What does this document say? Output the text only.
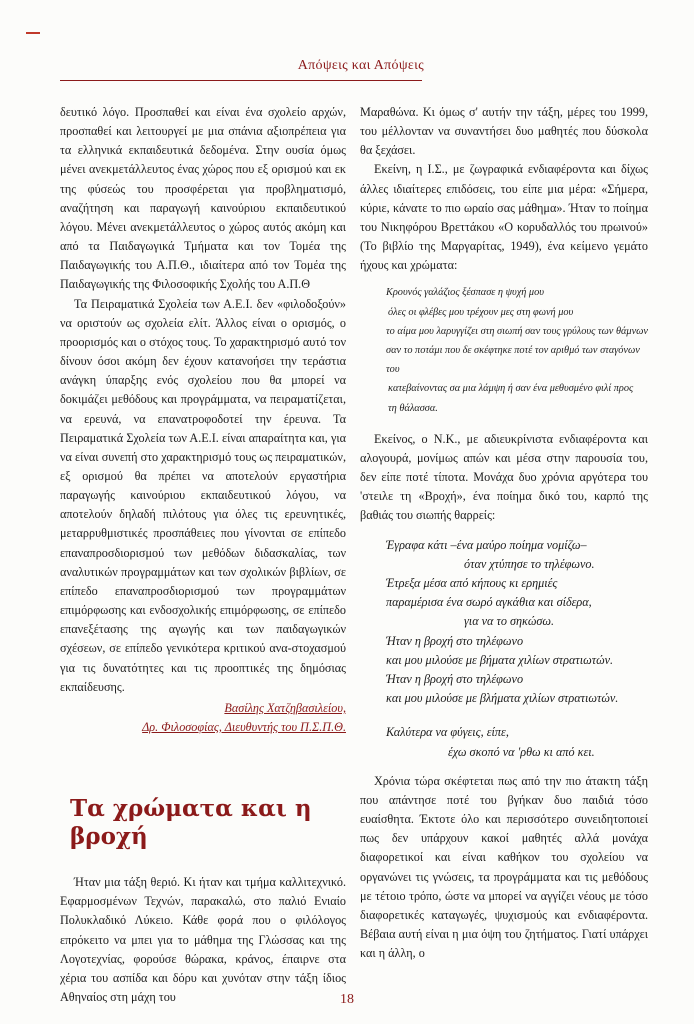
Απόψεις και Απόψεις

δευτικό λόγο. Προσπαθεί και είναι ένα σχολείο αρχών, προσπαθεί και λειτουργεί με μια σπάνια αξιοπρέπεια για τα ελληνικά εκπαιδευτικά δεδομένα. Στην ουσία όμως μένει ανεκμετάλλευτος ένας χώρος που εξ ορισμού και εκ της φύσεώς του προσφέρεται για προβληματισμό, αναζήτηση και παραγωγή καινούριου εκπαιδευτικού λόγου. Μένει ανεκμετάλλευτος ο χώρος αυτός ακόμη και από τα Παιδαγωγικά Τμήματα και τον Τομέα της Παιδαγωγικής του Α.Π.Θ., ιδιαίτερα από τον Τομέα της Παιδαγωγικής της Φιλοσοφικής Σχολής του Α.Π.Θ

Τα Πειραματικά Σχολεία των Α.Ε.Ι. δεν «φιλοδοξούν» να οριστούν ως σχολεία ελίτ. Άλλος είναι ο ορισμός, ο προορισμός και ο στόχος τους. Το χαρακτηρισμό αυτό τον δίνουν όσοι ακόμη δεν έχουν κατανοήσει την τεράστια ανάγκη ύπαρξης ενός σχολείου που θα μπορεί να δοκιμάζει μεθόδους και προγράμματα, να πειραματίζεται, να ερευνά, να επανατροφοδοτεί την έρευνα. Τα Πειραματικά Σχολεία των Α.Ε.Ι. είναι απαραίτητα και, για να είναι συνεπή στο χαρακτηρισμό τους ως πειραματικών, εξ ορισμού θα πρέπει να αποτελούν εργαστήρια παραγωγής καινούριου εκπαιδευτικού λόγου, να αποτελούν δηλαδή πιλότους για όλες τις ερευνητικές, μεταρρυθμιστικές προσπάθειες που γίνονται σε επίπεδο επαναπροσδιορισμού των μεθόδων διδασκαλίας, των αναλυτικών προγραμμάτων και των σχολικών βιβλίων, σε επίπεδο επαναπροσδιορισμού των προγραμμάτων επιμόρφωσης και ενδοσχολικής επιμόρφωσης, σε επίπεδο επανεξέτασης της αγωγής και των παιδαγωγικών σχέσεων, σε επίπεδο γενικότερα κριτικού ανα-στοχασμού για τις δυνατότητες και τις προοπτικές της δημόσιας εκπαίδευσης.

Βασίλης Χατζηβασιλείου,
Δρ. Φιλοσοφίας, Διευθυντής του Π.Σ.Π.Θ.
Τα χρώματα και η βροχή

Ήταν μια τάξη θεριό. Κι ήταν και τμήμα καλλιτεχνικό. Εφαρμοσμένων Τεχνών, παρακαλώ, στο παλιό Ενιαίο Πολυκλαδικό Λύκειο. Κάθε φορά που ο φιλόλογος επρόκειτο να μπει για το μάθημα της Γλώσσας και της Λογοτεχνίας, φορούσε θώρακα, κράνος, έπαιρνε στα χέρια του ασπίδα και δόρυ και χυνόταν στην τάξη ίδιος Αθηναίος στη μάχη του

Μαραθώνα. Κι όμως σ' αυτήν την τάξη, μέρες του 1999, του μέλλονταν να συναντήσει δυο μαθητές που δύσκολα θα ξεχάσει.

Εκείνη, η Ι.Σ., με ζωγραφικά ενδιαφέροντα και δίχως άλλες ιδιαίτερες επιδόσεις, του είπε μια μέρα: «Σήμερα, κύριε, κάνατε το πιο ωραίο σας μάθημα». Ήταν το ποίημα του Νικηφόρου Βρεττάκου «Ο κορυδαλλός του πρωινού» (Το βιβλίο της Μαργαρίτας, 1949), ένα κείμενο γεμάτο ήχους και χρώματα:

Κρουνός γαλάζιος ξέσπασε η ψυχή μου
όλες οι φλέβες μου τρέχουν μες στη φωνή μου
το αίμα μου λαρυγγίζει στη σιωπή σαν τους γρύλους των θάμνων
σαν το ποτάμι που δε σκέφτηκε ποτέ τον αριθμό των σταγόνων του
κατεβαίνοντας σα μια λάμψη ή σαν ένα μεθυσμένο φιλί προς
τη θάλασσα.

Εκείνος, ο Ν.Κ., με αδιευκρίνιστα ενδιαφέροντα και αλογουρά, μονίμως απών και μέσα στην παρουσία του, δεν είπε ποτέ τίποτα. Μονάχα δυο χρόνια αργότερα του 'στειλε τη «Βροχή», ένα ποίημα δικό του, καρπό της βαθιάς του σιωπής θαρρείς:

Έγραφα κάτι –ένα μαύρο ποίημα νομίζω–
όταν χτύπησε το τηλέφωνο.
Έτρεξα μέσα από κήπους κι ερημιές
παραμέρισα ένα σωρό αγκάθια και σίδερα,
για να το σηκώσω.
Ήταν η βροχή στο τηλέφωνο
και μου μιλούσε με βήματα χιλίων στρατιωτών.
Ήταν η βροχή στο τηλέφωνο
και μου μιλούσε με βλήματα χιλίων στρατιωτών.
Καλύτερα να φύγεις, είπε,
έχω σκοπό να 'ρθω κι από κει.

Χρόνια τώρα σκέφτεται πως από την πιο άτακτη τάξη που απάντησε ποτέ του βγήκαν δυο παιδιά τόσο ευαίσθητα. Έκτοτε όλο και περισσότερο συνειδητοποιεί πως δεν υπάρχουν κακοί μαθητές αλλά μονάχα διαφορετικοί και είναι καθήκον του σχολείου να οργανώνει τις γνώσεις, τα προγράμματα και τις μεθόδους με τέτοιο τρόπο, ώστε να μπορεί να αγγίζει νέους με τόσο διαφορετικές καταγωγές, ψυχισμούς και ενδιαφέροντα. Βέβαια αυτή είναι η μια όψη του ζητήματος. Γιατί υπάρχει και η άλλη, ο

18
